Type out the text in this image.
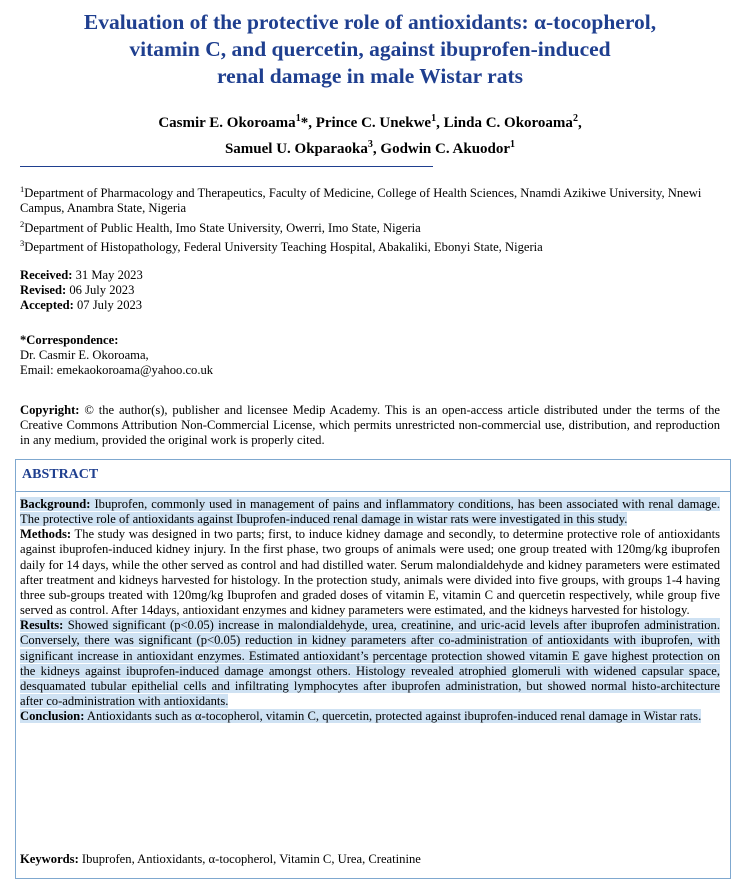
Evaluation of the protective role of antioxidants: α-tocopherol,
vitamin C, and quercetin, against ibuprofen-induced
renal damage in male Wistar rats
Casmir E. Okoroama$^1$*, Prince C. Unekwe$^1$, Linda C. Okoroama$^2$,
Samuel U. Okparaoka$^3$, Godwin C. Akuodor$^1$

$^1$Department of Pharmacology and Therapeutics, Faculty of Medicine, College of Health Sciences, Nnamdi Azikiwe University, Nnewi Campus, Anambra State, Nigeria

$^2$Department of Public Health, Imo State University, Owerri, Imo State, Nigeria

$^3$Department of Histopathology, Federal University Teaching Hospital, Abakaliki, Ebonyi State, Nigeria

Received: 31 May 2023

Revised: 06 July 2023

Accepted: 07 July 2023

*Correspondence:

Dr. Casmir E. Okoroama,

Email: emekaokoroama@yahoo.co.uk

Copyright: © the author(s), publisher and licensee Medip Academy. This is an open-access article distributed under the terms of the Creative Commons Attribution Non-Commercial License, which permits unrestricted non-commercial use, distribution, and reproduction in any medium, provided the original work is properly cited.

ABSTRACT

Background: Ibuprofen, commonly used in management of pains and inflammatory conditions, has been associated with renal damage. The protective role of antioxidants against Ibuprofen-induced renal damage in wistar rats were investigated in this study.

Methods: The study was designed in two parts; first, to induce kidney damage and secondly, to determine protective role of antioxidants against ibuprofen-induced kidney injury. In the first phase, two groups of animals were used; one group treated with 120mg/kg ibuprofen daily for 14 days, while the other served as control and had distilled water. Serum malondialdehyde and kidney parameters were estimated after treatment and kidneys harvested for histology. In the protection study, animals were divided into five groups, with groups 1-4 having three sub-groups treated with 120mg/kg Ibuprofen and graded doses of vitamin E, vitamin C and quercetin respectively, while group five served as control. After 14days, antioxidant enzymes and kidney parameters were estimated, and the kidneys harvested for histology.

Results: Showed significant (p<0.05) increase in malondialdehyde, urea, creatinine, and uric-acid levels after ibuprofen administration. Conversely, there was significant (p<0.05) reduction in kidney parameters after co-administration of antioxidants with ibuprofen, with significant increase in antioxidant enzymes. Estimated antioxidant’s percentage protection showed vitamin E gave highest protection on the kidneys against ibuprofen-induced damage amongst others. Histology revealed atrophied glomeruli with widened capsular space, desquamated tubular epithelial cells and infiltrating lymphocytes after ibuprofen administration, but showed normal histo-architecture after co-administration with antioxidants.

Conclusion: Antioxidants such as α-tocopherol, vitamin C, quercetin, protected against ibuprofen-induced renal damage in Wistar rats.

Keywords: Ibuprofen, Antioxidants, α-tocopherol, Vitamin C, Urea, Creatinine
